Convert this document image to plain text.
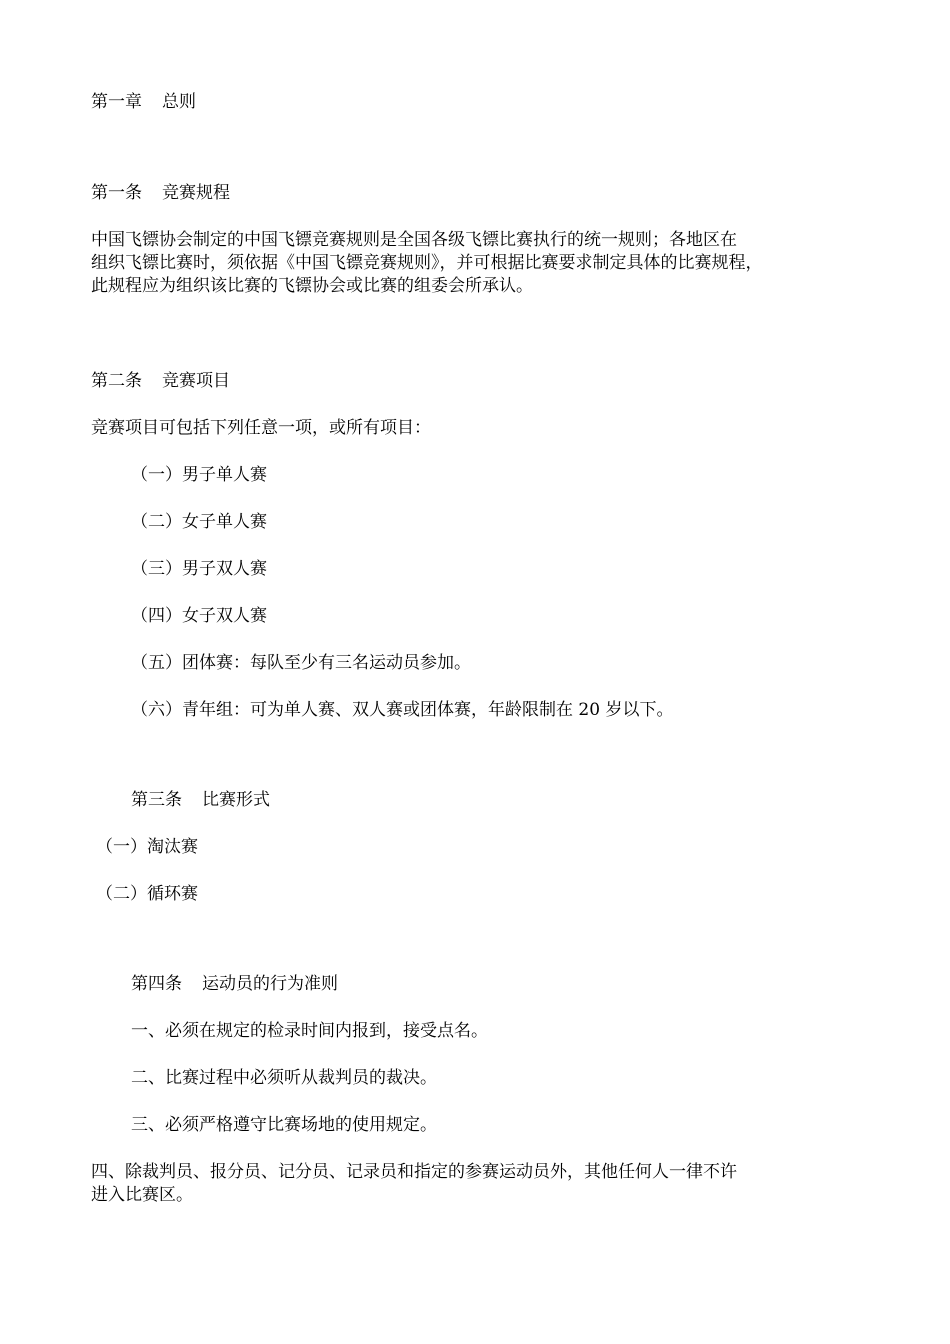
第一章 总则

第一条 竞赛规程

中国飞镖协会制定的中国飞镖竞赛规则是全国各级飞镖比赛执行的统一规则；各地区在

组织飞镖比赛时，须依据《中国飞镖竞赛规则》，并可根据比赛要求制定具体的比赛规程，

此规程应为组织该比赛的飞镖协会或比赛的组委会所承认。

第二条 竞赛项目

竞赛项目可包括下列任意一项，或所有项目：

（一）男子单人赛

（二）女子单人赛

（三）男子双人赛

（四）女子双人赛

（五）团体赛：每队至少有三名运动员参加。

（六）青年组：可为单人赛、双人赛或团体赛，年龄限制在 20 岁以下。

第三条 比赛形式

（一）淘汰赛

（二）循环赛

第四条 运动员的行为准则

一、必须在规定的检录时间内报到，接受点名。

二、比赛过程中必须听从裁判员的裁决。

三、必须严格遵守比赛场地的使用规定。

四、除裁判员、报分员、记分员、记录员和指定的参赛运动员外，其他任何人一律不许

进入比赛区。
